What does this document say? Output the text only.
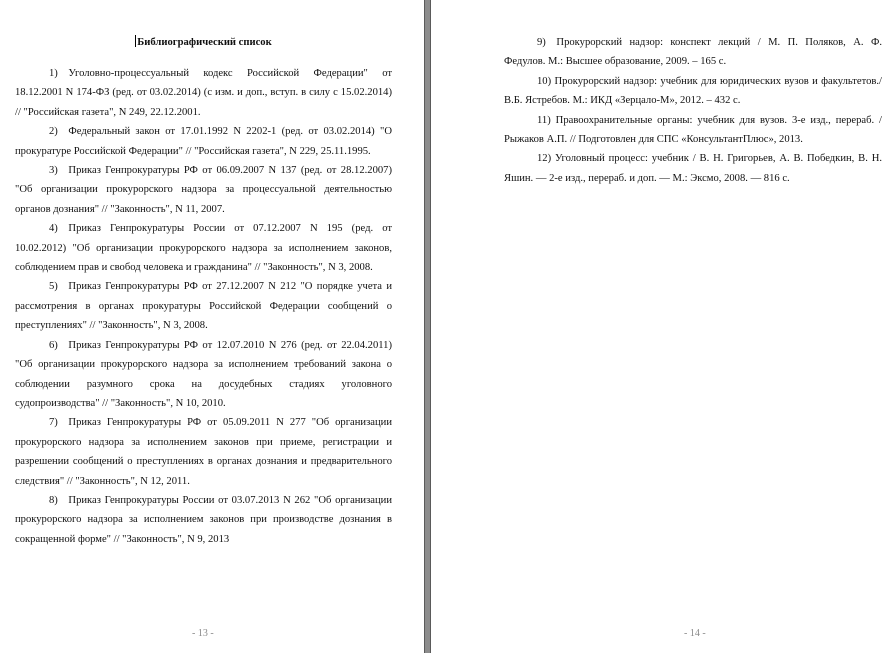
Библиографический список

1) Уголовно-процессуальный кодекс Российской Федерации" от 18.12.2001 N 174-ФЗ (ред. от 03.02.2014) (с изм. и доп., вступ. в силу с 15.02.2014) // "Российская газета", N 249, 22.12.2001.

2) Федеральный закон от 17.01.1992 N 2202-1 (ред. от 03.02.2014) "О прокуратуре Российской Федерации" // "Российская газета", N 229, 25.11.1995.

3) Приказ Генпрокуратуры РФ от 06.09.2007 N 137 (ред. от 28.12.2007) "Об организации прокурорского надзора за процессуальной деятельностью органов дознания" // "Законность", N 11, 2007.

4) Приказ Генпрокуратуры России от 07.12.2007 N 195 (ред. от 10.02.2012) "Об организации прокурорского надзора за исполнением законов, соблюдением прав и свобод человека и гражданина" // "Законность", N 3, 2008.

5) Приказ Генпрокуратуры РФ от 27.12.2007 N 212 "О порядке учета и рассмотрения в органах прокуратуры Российской Федерации сообщений о преступлениях" // "Законность", N 3, 2008.

6) Приказ Генпрокуратуры РФ от 12.07.2010 N 276 (ред. от 22.04.2011) "Об организации прокурорского надзора за исполнением требований закона о соблюдении разумного срока на досудебных стадиях уголовного судопроизводства" // "Законность", N 10, 2010.

7) Приказ Генпрокуратуры РФ от 05.09.2011 N 277 "Об организации прокурорского надзора за исполнением законов при приеме, регистрации и разрешении сообщений о преступлениях в органах дознания и предварительного следствия" // "Законность", N 12, 2011.

8) Приказ Генпрокуратуры России от 03.07.2013 N 262 "Об организации прокурорского надзора за исполнением законов при производстве дознания в сокращенной форме" // "Законность", N 9, 2013

- 13 -

9) Прокурорский надзор: конспект лекций / М. П. Поляков, А. Ф. Федулов. М.: Высшее образование, 2009. – 165 с.

10) Прокурорский надзор: учебник для юридических вузов и факультетов./ В.Б. Ястребов. М.: ИКД «Зерцало-М», 2012. – 432 с.

11) Правоохранительные органы: учебник для вузов. 3-е изд., перераб. / Рыжаков А.П. // Подготовлен для СПС «КонсультантПлюс», 2013.

12) Уголовный процесс: учебник / В. Н. Григорьев, А. В. Победкин, В. Н. Яшин. — 2-е изд., перераб. и доп. — М.: Эксмо, 2008. — 816 с.

- 14 -
